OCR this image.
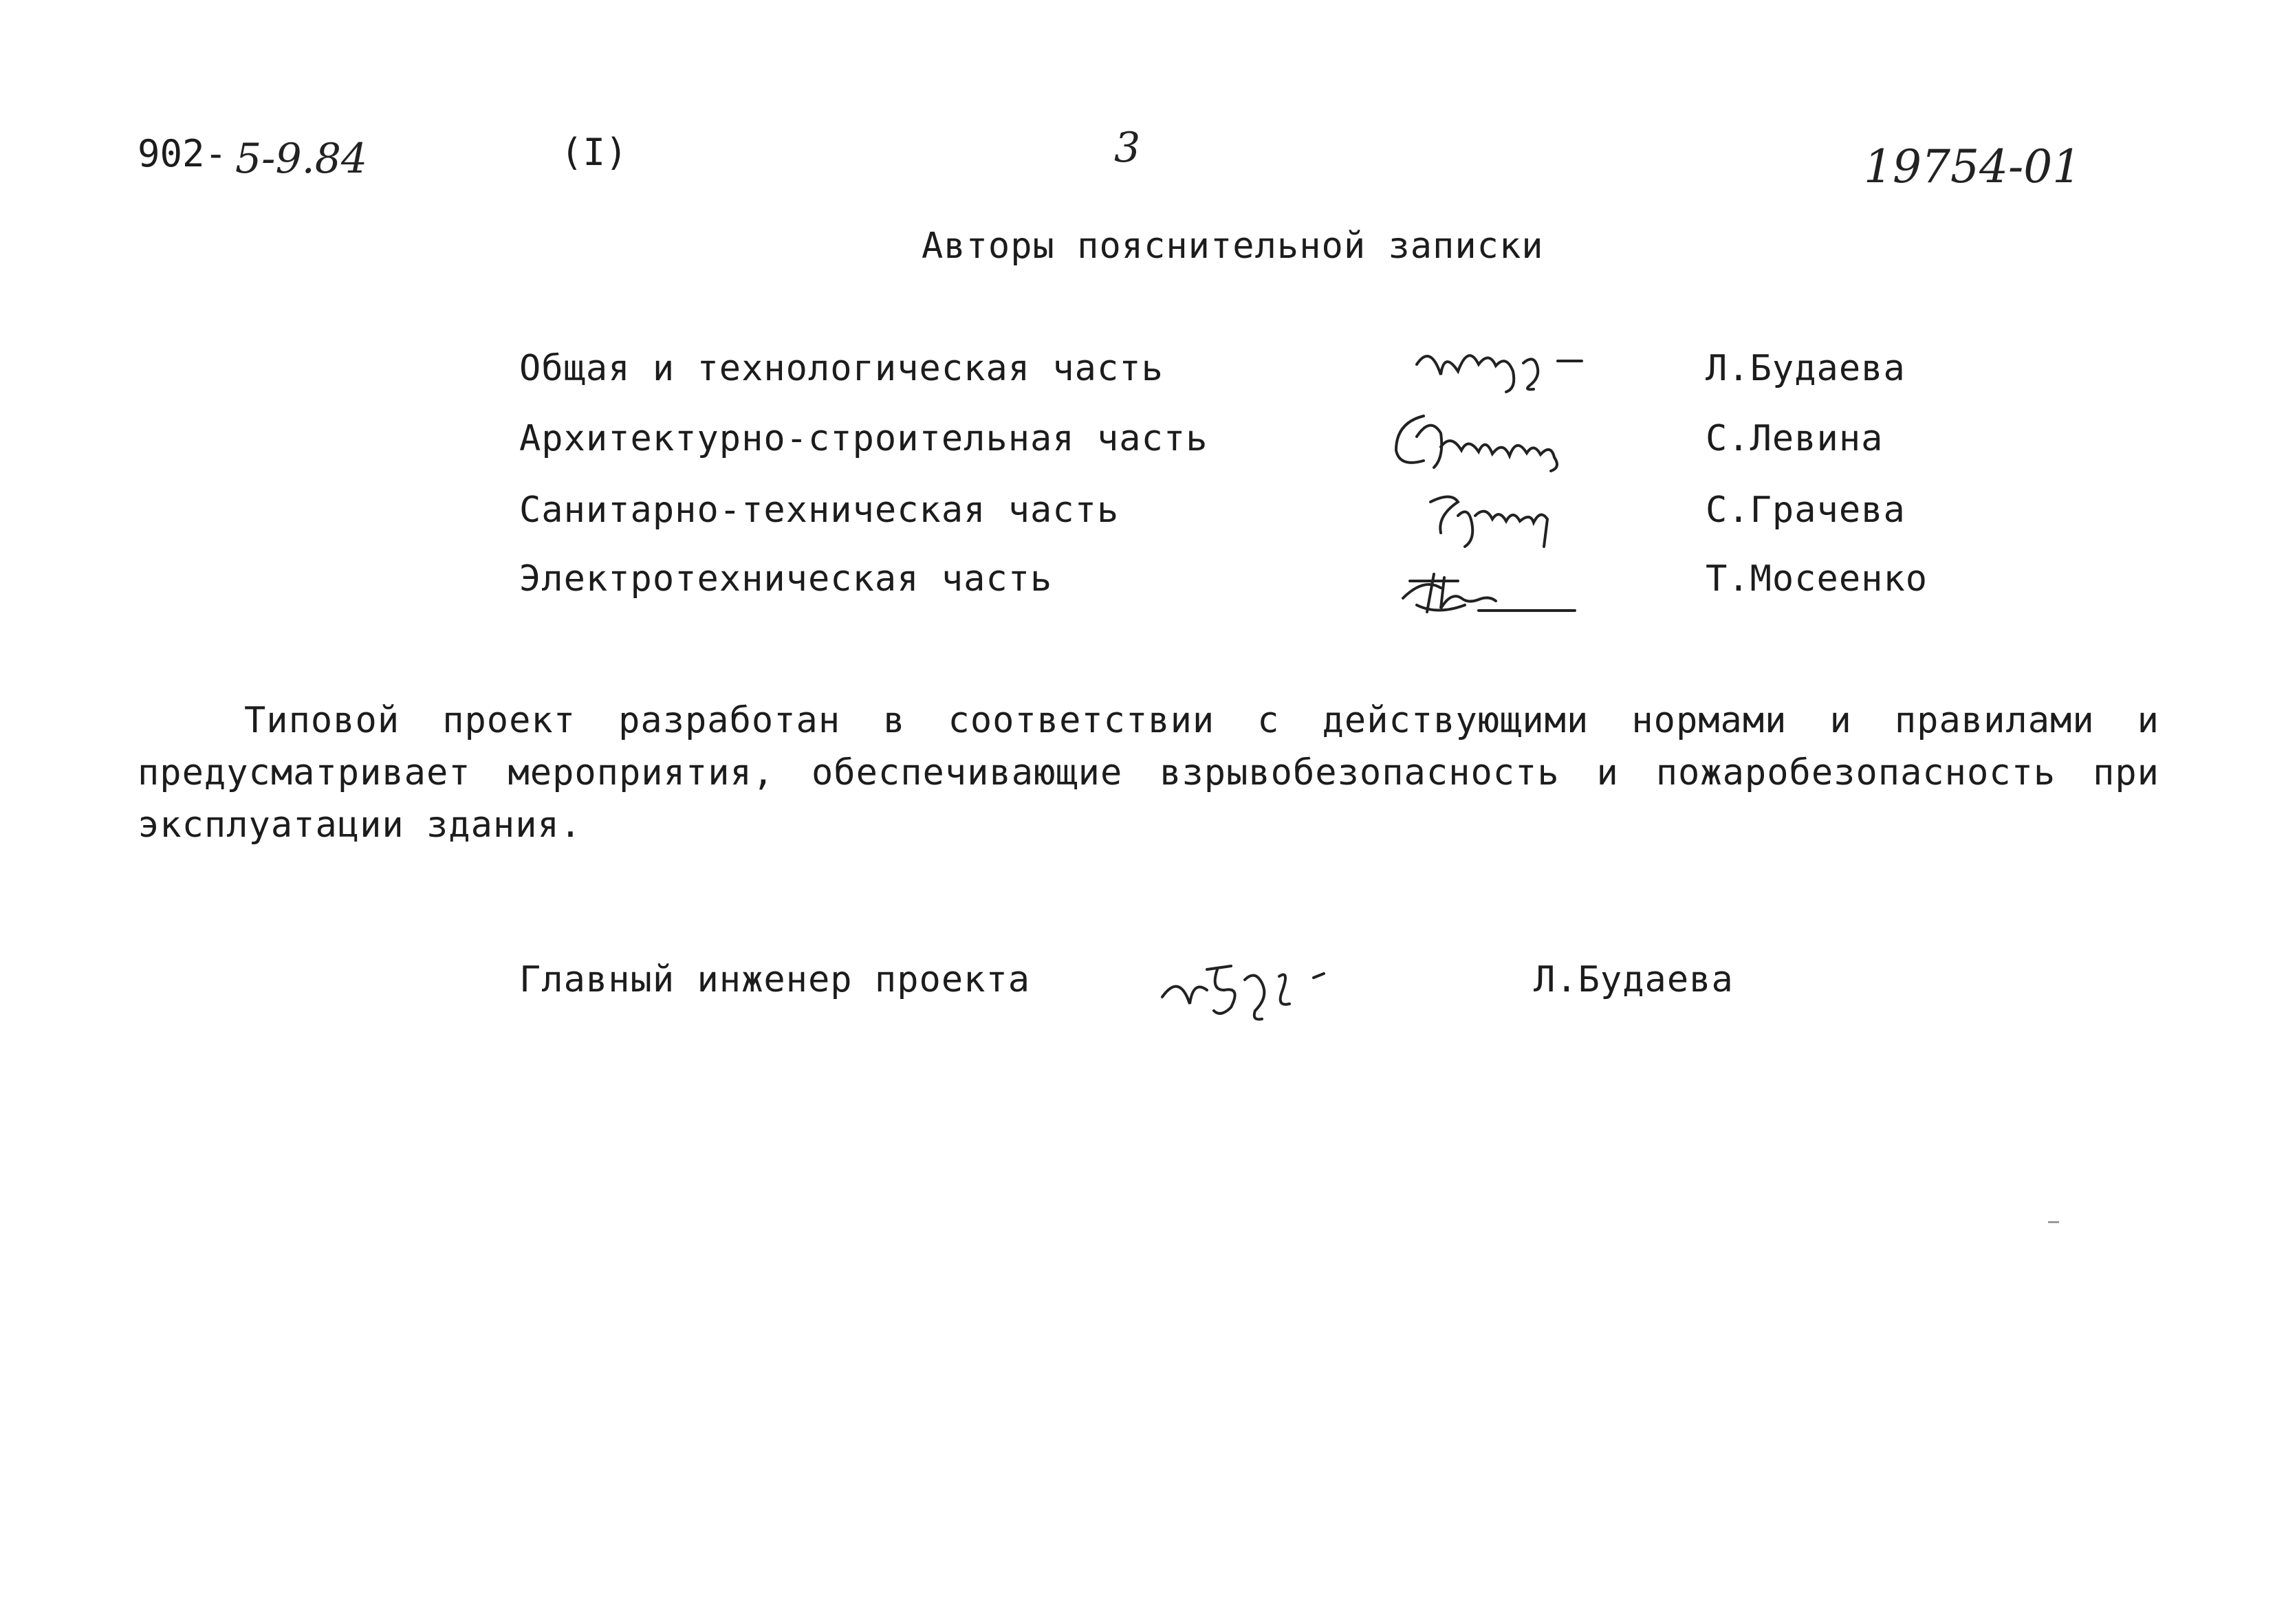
902- 5-9.84	(I)	3	19754-01
Авторы пояснительной записки
Общая и технологическая часть	Л.Будаева
Архитектурно-строительная часть	С.Левина
Санитарно-техническая часть	С.Грачева
Электротехническая часть	Т.Мосеенко
Типовой проект разработан в соответствии с действующими нормами и правилами и предусматривает мероприятия, обеспечивающие взрывобезопасность и пожаробезопасность при эксплуатации здания.
Главный инженер проекта	Л.Будаева
